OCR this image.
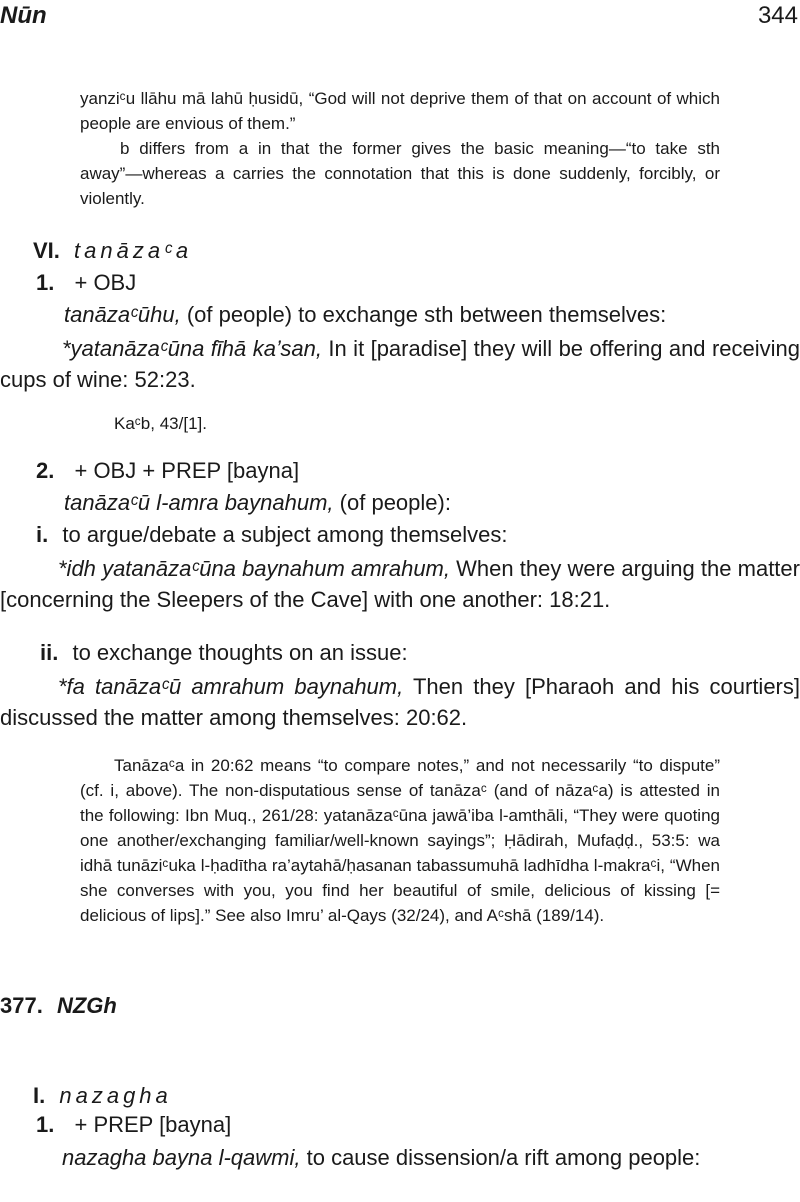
Nūn	344

yanziᶜu llāhu mā lahū ḥusidū, “God will not deprive them of that on account of which people are envious of them.”

b differs from a in that the former gives the basic meaning—“to take sth away”—whereas a carries the connotation that this is done suddenly, forcibly, or violently.

VI. tanāzaᶜa
1. + OBJ
tanāzaᶜūhu, (of people) to exchange sth between themselves:

*yatanāzaᶜūna fīhā ka’san, In it [paradise] they will be offering and receiving cups of wine: 52:23.

Kaᶜb, 43/[1].
2. + OBJ + PREP [bayna]
tanāzaᶜū l-amra baynahum, (of people):
i. to argue/debate a subject among themselves:

*idh yatanāzaᶜūna baynahum amrahum, When they were arguing the matter [concerning the Sleepers of the Cave] with one another: 18:21.

ii. to exchange thoughts on an issue:

*fa tanāzaᶜū amrahum baynahum, Then they [Pharaoh and his courtiers] discussed the matter among themselves: 20:62.

Tanāzaᶜa in 20:62 means “to compare notes,” and not necessarily “to dispute” (cf. i, above). The non-disputatious sense of tanāzaᶜ (and of nāzaᶜa) is attested in the following: Ibn Muq., 261/28: yatanāzaᶜūna jawā’iba l-amthāli, “They were quoting one another/exchanging familiar/well-known sayings”; Ḥādirah, Mufaḍḍ., 53:5: wa idhā tunāziᶜuka l-ḥadītha ra’aytahā/ḥasanan tabassumuhā ladhīdha l-makraᶜi, “When she converses with you, you find her beautiful of smile, delicious of kissing [= delicious of lips].” See also Imru’ al-Qays (32/24), and Aᶜshā (189/14).

377. NZGh
I. nazagha
1. + PREP [bayna]

nazagha bayna l-qawmi, to cause dissension/a rift among people:
